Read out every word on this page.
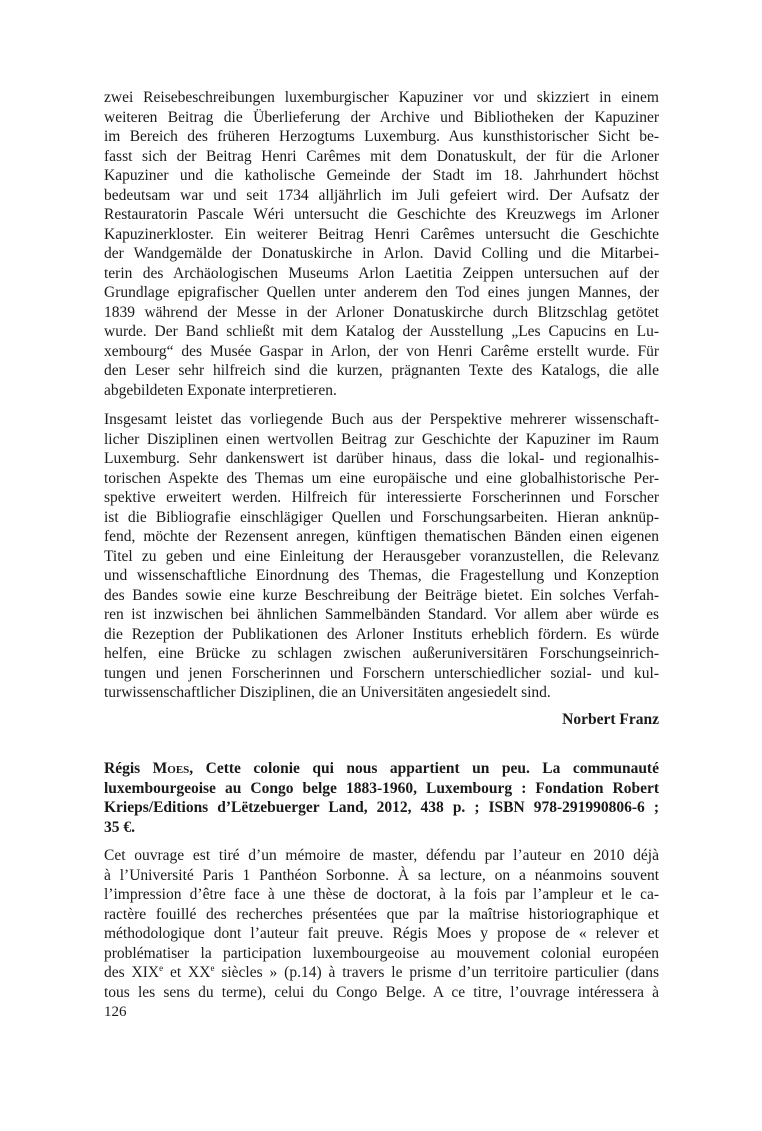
zwei Reisebeschreibungen luxemburgischer Kapuziner vor und skizziert in einem
weiteren Beitrag die Überlieferung der Archive und Bibliotheken der Kapuziner
im Bereich des früheren Herzogtums Luxemburg. Aus kunsthistorischer Sicht be-
fasst sich der Beitrag Henri Carêmes mit dem Donatuskult, der für die Arloner
Kapuziner und die katholische Gemeinde der Stadt im 18. Jahrhundert höchst
bedeutsam war und seit 1734 alljährlich im Juli gefeiert wird. Der Aufsatz der
Restauratorin Pascale Wéri untersucht die Geschichte des Kreuzwegs im Arloner
Kapuzinerkloster. Ein weiterer Beitrag Henri Carêmes untersucht die Geschichte
der Wandgemälde der Donatuskirche in Arlon. David Colling und die Mitarbei-
terin des Archäologischen Museums Arlon Laetitia Zeippen untersuchen auf der
Grundlage epigrafischer Quellen unter anderem den Tod eines jungen Mannes, der
1839 während der Messe in der Arloner Donatuskirche durch Blitzschlag getötet
wurde. Der Band schließt mit dem Katalog der Ausstellung „Les Capucins en Lu-
xembourg“ des Musée Gaspar in Arlon, der von Henri Carême erstellt wurde. Für
den Leser sehr hilfreich sind die kurzen, prägnanten Texte des Katalogs, die alle
abgebildeten Exponate interpretieren.
Insgesamt leistet das vorliegende Buch aus der Perspektive mehrerer wissenschaft-
licher Disziplinen einen wertvollen Beitrag zur Geschichte der Kapuziner im Raum
Luxemburg. Sehr dankenswert ist darüber hinaus, dass die lokal- und regionalhis-
torischen Aspekte des Themas um eine europäische und eine globalhistorische Per-
spektive erweitert werden. Hilfreich für interessierte Forscherinnen und Forscher
ist die Bibliografie einschlägiger Quellen und Forschungsarbeiten. Hieran anknüp-
fend, möchte der Rezensent anregen, künftigen thematischen Bänden einen eigenen
Titel zu geben und eine Einleitung der Herausgeber voranzustellen, die Relevanz
und wissenschaftliche Einordnung des Themas, die Fragestellung und Konzeption
des Bandes sowie eine kurze Beschreibung der Beiträge bietet. Ein solches Verfah-
ren ist inzwischen bei ähnlichen Sammelbänden Standard. Vor allem aber würde es
die Rezeption der Publikationen des Arloner Instituts erheblich fördern. Es würde
helfen, eine Brücke zu schlagen zwischen außeruniversitären Forschungseinrich-
tungen und jenen Forscherinnen und Forschern unterschiedlicher sozial- und kul-
turwissenschaftlicher Disziplinen, die an Universitäten angesiedelt sind.
Norbert Franz
Régis Moes, Cette colonie qui nous appartient un peu. La communauté
luxembourgeoise au Congo belge 1883-1960, Luxembourg : Fondation Robert
Krieps/Editions d’Lëtzebuerger Land, 2012, 438 p. ; ISBN 978-291990806-6 ;
35 €.
Cet ouvrage est tiré d’un mémoire de master, défendu par l’auteur en 2010 déjà
à l’Université Paris 1 Panthéon Sorbonne. À sa lecture, on a néanmoins souvent
l’impression d’être face à une thèse de doctorat, à la fois par l’ampleur et le ca-
ractère fouillé des recherches présentées que par la maîtrise historiographique et
méthodologique dont l’auteur fait preuve. Régis Moes y propose de « relever et
problématiser la participation luxembourgeoise au mouvement colonial européen
des XIXe et XXe siècles » (p.14) à travers le prisme d’un territoire particulier (dans
tous les sens du terme), celui du Congo Belge. A ce titre, l’ouvrage intéressera à
126
